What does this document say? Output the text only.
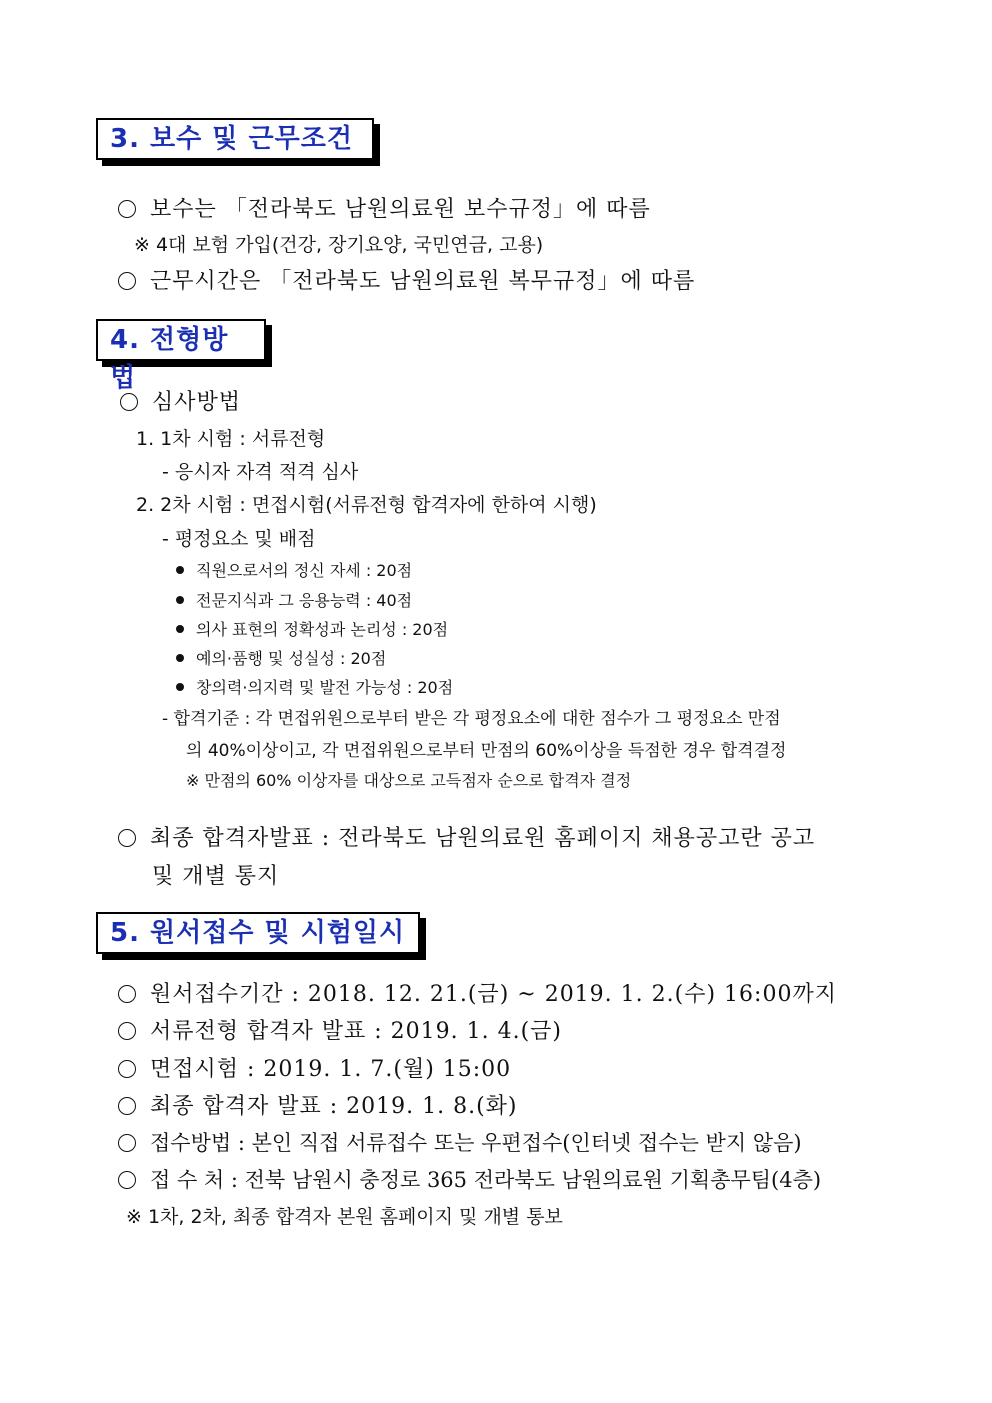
3. 보수 및 근무조건
보수는 「전라북도 남원의료원 보수규정」에 따름
※ 4대 보험 가입(건강, 장기요양, 국민연금, 고용)
근무시간은 「전라북도 남원의료원 복무규정」에 따름
4. 전형방법
심사방법
1. 1차 시험 : 서류전형
- 응시자 자격 적격 심사
2. 2차 시험 : 면접시험(서류전형 합격자에 한하여 시행)
- 평정요소 및 배점
직원으로서의 정신 자세 : 20점
전문지식과 그 응용능력 : 40점
의사 표현의 정확성과 논리성 : 20점
예의·품행 및 성실성 : 20점
창의력·의지력 및 발전 가능성 : 20점
- 합격기준 : 각 면접위원으로부터 받은 각 평정요소에 대한 점수가 그 평정요소 만점
의 40%이상이고, 각 면접위원으로부터 만점의 60%이상을 득점한 경우 합격결정
※ 만점의 60% 이상자를 대상으로 고득점자 순으로 합격자 결정
최종 합격자발표 : 전라북도 남원의료원 홈페이지 채용공고란 공고
및 개별 통지
5. 원서접수 및 시험일시
원서접수기간 : 2018. 12. 21.(금) ~ 2019. 1. 2.(수) 16:00까지
서류전형 합격자 발표 : 2019. 1. 4.(금)
면접시험 : 2019. 1. 7.(월) 15:00
최종 합격자 발표 : 2019. 1. 8.(화)
접수방법 : 본인 직접 서류접수 또는 우편접수(인터넷 접수는 받지 않음)
접 수 처 : 전북 남원시 충정로 365 전라북도 남원의료원 기획총무팀(4층)
※ 1차, 2차, 최종 합격자 본원 홈페이지 및 개별 통보
